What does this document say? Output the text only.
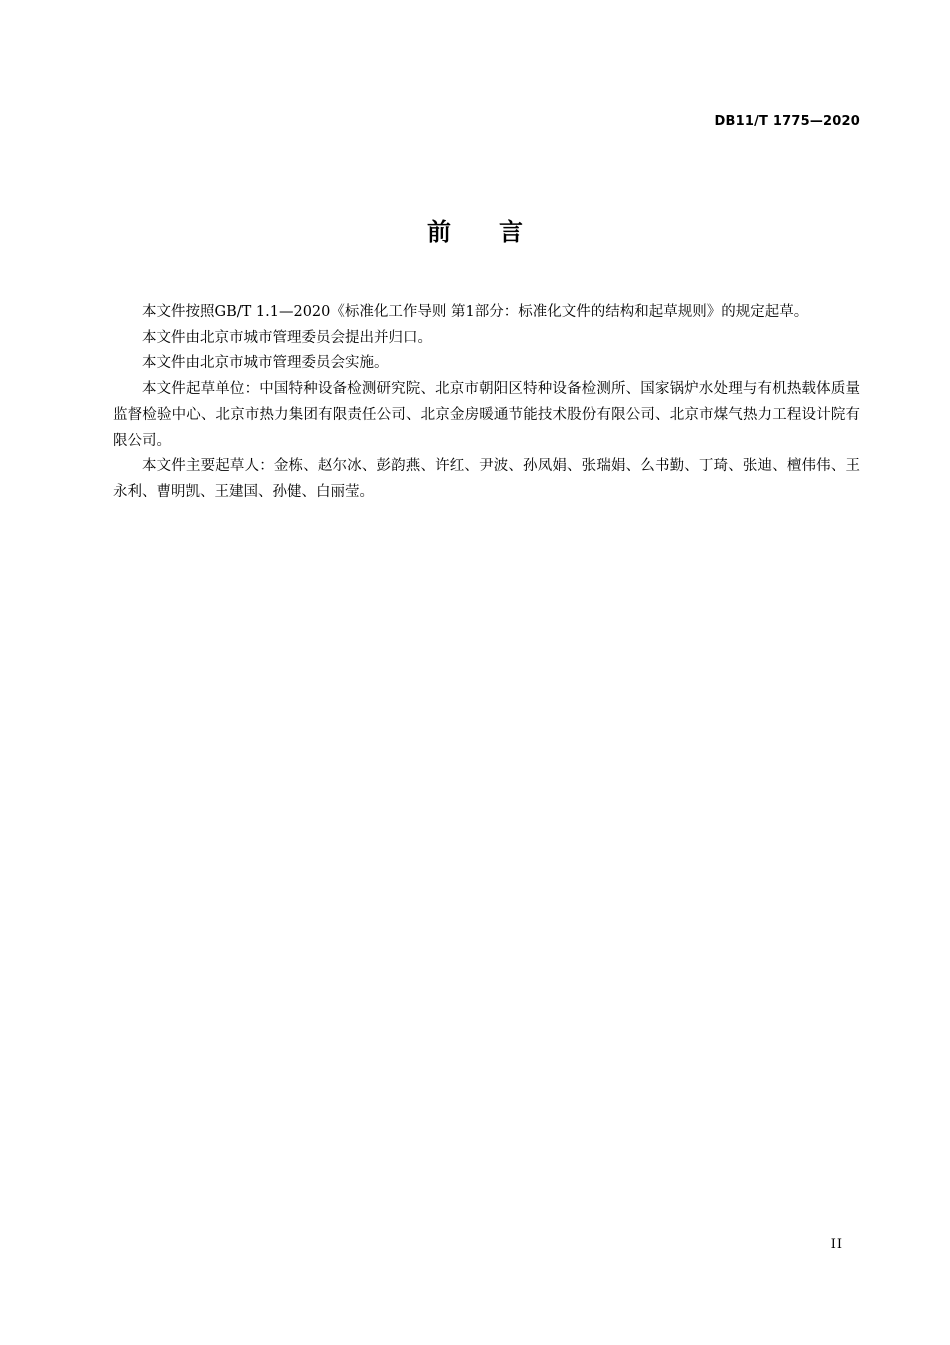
DB11/T 1775—2020
前 言

本文件按照GB/T 1.1—2020《标准化工作导则 第1部分：标准化文件的结构和起草规则》的规定起草。

本文件由北京市城市管理委员会提出并归口。

本文件由北京市城市管理委员会实施。

本文件起草单位：中国特种设备检测研究院、北京市朝阳区特种设备检测所、国家锅炉水处理与有机热载体质量监督检验中心、北京市热力集团有限责任公司、北京金房暖通节能技术股份有限公司、北京市煤气热力工程设计院有限公司。

本文件主要起草人：金栋、赵尔冰、彭韵燕、许红、尹波、孙凤娟、张瑞娟、么书勤、丁琦、张迪、檀伟伟、王永利、曹明凯、王建国、孙健、白丽莹。

II
